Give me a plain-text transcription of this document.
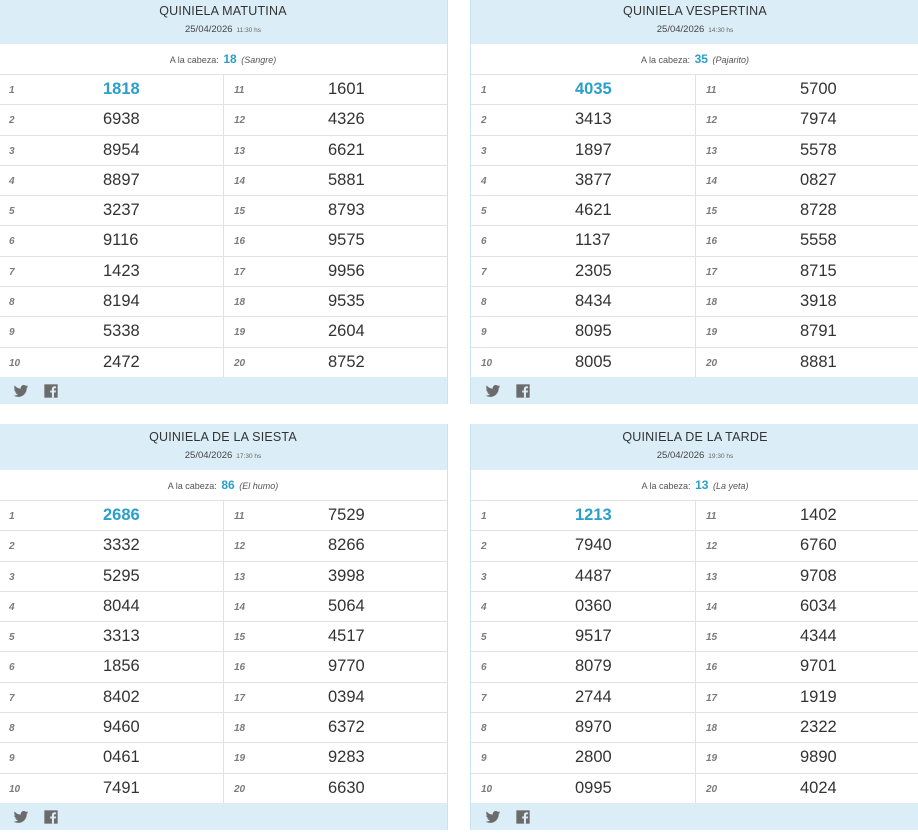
QUINIELA MATUTINA
25/04/2026 11:30 hs
A la cabeza: 18 (Sangre)
1	1818	11	1601
2	6938	12	4326
3	8954	13	6621
4	8897	14	5881
5	3237	15	8793
6	9116	16	9575
7	1423	17	9956
8	8194	18	9535
9	5338	19	2604
10	2472	20	8752
QUINIELA VESPERTINA
25/04/2026 14:30 hs
A la cabeza: 35 (Pajarito)
1	4035	11	5700
2	3413	12	7974
3	1897	13	5578
4	3877	14	0827
5	4621	15	8728
6	1137	16	5558
7	2305	17	8715
8	8434	18	3918
9	8095	19	8791
10	8005	20	8881
QUINIELA DE LA SIESTA
25/04/2026 17:30 hs
A la cabeza: 86 (El humo)
1	2686	11	7529
2	3332	12	8266
3	5295	13	3998
4	8044	14	5064
5	3313	15	4517
6	1856	16	9770
7	8402	17	0394
8	9460	18	6372
9	0461	19	9283
10	7491	20	6630
QUINIELA DE LA TARDE
25/04/2026 19:30 hs
A la cabeza: 13 (La yeta)
1	1213	11	1402
2	7940	12	6760
3	4487	13	9708
4	0360	14	6034
5	9517	15	4344
6	8079	16	9701
7	2744	17	1919
8	8970	18	2322
9	2800	19	9890
10	0995	20	4024
